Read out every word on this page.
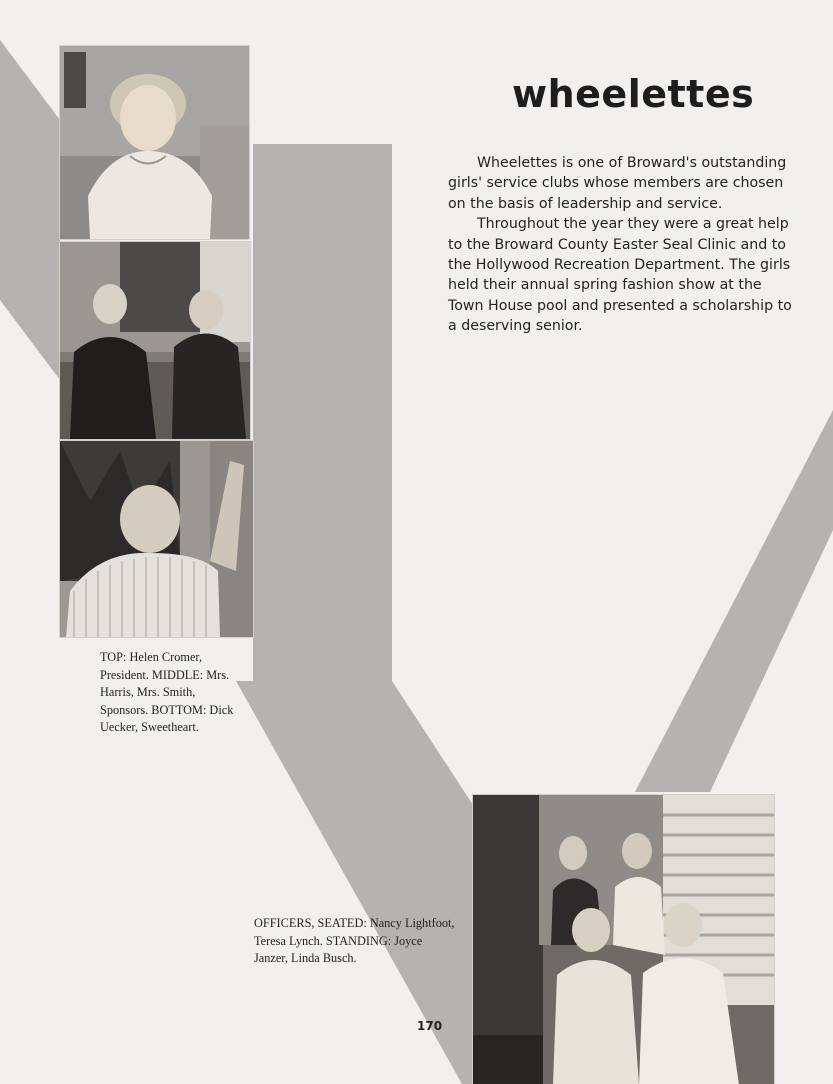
wheelettes

Wheelettes is one of Broward's outstanding girls' service clubs whose members are chosen on the basis of leadership and service.

Throughout the year they were a great help to the Broward County Easter Seal Clinic and to the Hollywood Recreation Department. The girls held their annual spring fashion show at the Town House pool and presented a scholarship to a deserving senior.

TOP: Helen Cromer, President. MIDDLE: Mrs. Harris, Mrs. Smith, Sponsors. BOTTOM: Dick Uecker, Sweetheart.
OFFICERS, SEATED: Nancy Lightfoot, Teresa Lynch. STANDING: Joyce Janzer, Linda Busch.
170
